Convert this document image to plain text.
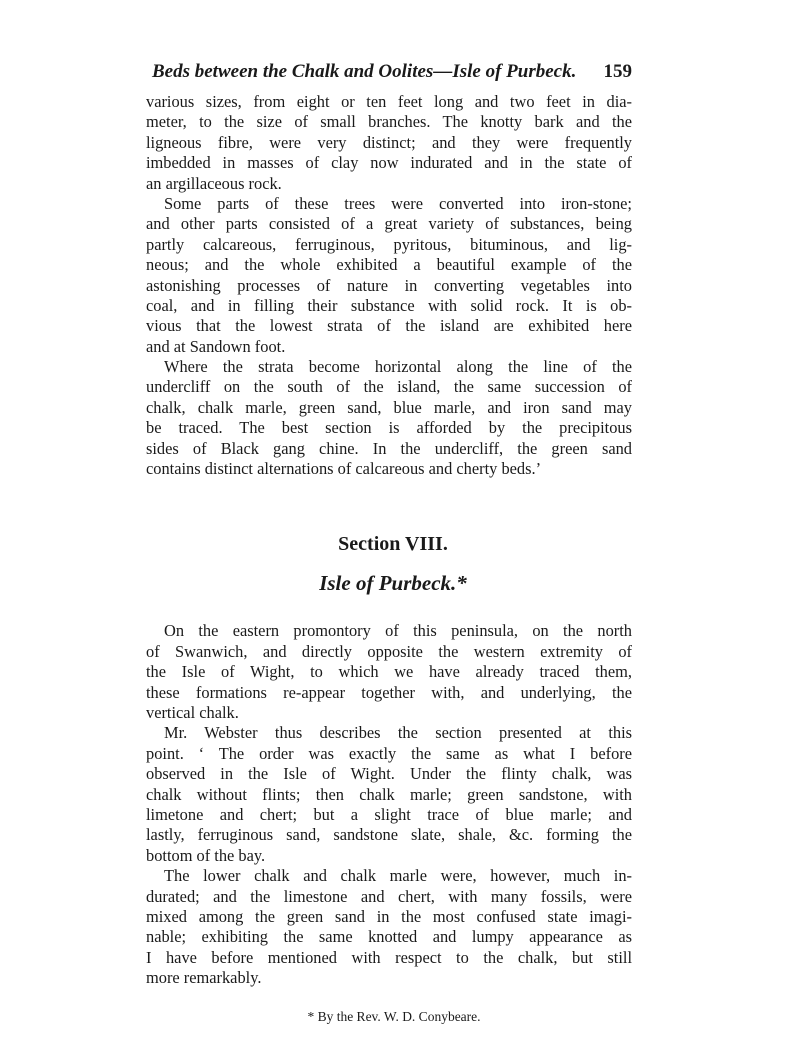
Beds between the Chalk and Oolites—Isle of Purbeck. 159

various sizes, from eight or ten feet long and two feet in dia-
meter, to the size of small branches. The knotty bark and the
ligneous fibre, were very distinct; and they were frequently
imbedded in masses of clay now indurated and in the state of
an argillaceous rock.

Some parts of these trees were converted into iron-stone;
and other parts consisted of a great variety of substances, being
partly calcareous, ferruginous, pyritous, bituminous, and lig-
neous; and the whole exhibited a beautiful example of the
astonishing processes of nature in converting vegetables into
coal, and in filling their substance with solid rock. It is ob-
vious that the lowest strata of the island are exhibited here
and at Sandown foot.

Where the strata become horizontal along the line of the
undercliff on the south of the island, the same succession of
chalk, chalk marle, green sand, blue marle, and iron sand may
be traced. The best section is afforded by the precipitous
sides of Black gang chine. In the undercliff, the green sand
contains distinct alternations of calcareous and cherty beds.’

Section VIII.
Isle of Purbeck.*

On the eastern promontory of this peninsula, on the north
of Swanwich, and directly opposite the western extremity of
the Isle of Wight, to which we have already traced them,
these formations re-appear together with, and underlying, the
vertical chalk.

Mr. Webster thus describes the section presented at this
point. ‘ The order was exactly the same as what I before
observed in the Isle of Wight. Under the flinty chalk, was
chalk without flints; then chalk marle; green sandstone, with
limetone and chert; but a slight trace of blue marle; and
lastly, ferruginous sand, sandstone slate, shale, &c. forming the
bottom of the bay.

The lower chalk and chalk marle were, however, much in-
durated; and the limestone and chert, with many fossils, were
mixed among the green sand in the most confused state imagi-
nable; exhibiting the same knotted and lumpy appearance as
I have before mentioned with respect to the chalk, but still
more remarkably.

* By the Rev. W. D. Conybeare.
